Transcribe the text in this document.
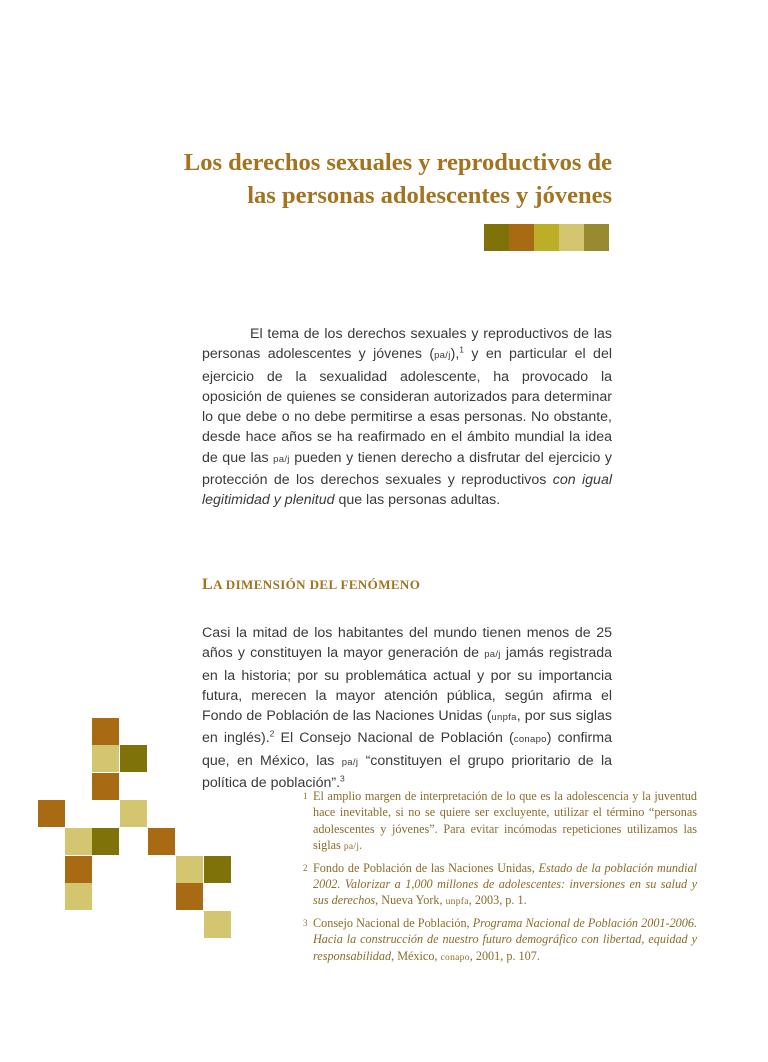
Los derechos sexuales y reproductivos de
las personas adolescentes y jóvenes

El tema de los derechos sexuales y reproductivos de las personas adolescentes y jóvenes (pa/j),$^1$ y en particular el del ejercicio de la sexualidad adolescente, ha provocado la oposición de quienes se consideran autorizados para determinar lo que debe o no debe permitirse a esas personas. No obstante, desde hace años se ha reafirmado en el ámbito mundial la idea de que las pa/j pueden y tienen derecho a disfrutar del ejercicio y protección de los derechos sexuales y reproductivos con igual legitimidad y plenitud que las personas adultas.

LA DIMENSIÓN DEL FENÓMENO

Casi la mitad de los habitantes del mundo tienen menos de 25 años y constituyen la mayor generación de pa/j jamás registrada en la historia; por su problemática actual y por su importancia futura, merecen la mayor atención pública, según afirma el Fondo de Población de las Naciones Unidas (unpfa, por sus siglas en inglés).$^2$ El Consejo Nacional de Población (conapo) confirma que, en México, las pa/j “constituyen el grupo prioritario de la política de población”.$^3$

1 El amplio margen de interpretación de lo que es la adolescencia y la juventud hace inevitable, si no se quiere ser excluyente, utilizar el término “personas adolescentes y jóvenes”. Para evitar incómodas repeticiones utilizamos las siglas pa/j.
2 Fondo de Población de las Naciones Unidas, Estado de la población mundial 2002. Valorizar a 1,000 millones de adolescentes: inversiones en su salud y sus derechos, Nueva York, unpfa, 2003, p. 1.
3 Consejo Nacional de Población, Programa Nacional de Población 2001-2006. Hacia la construcción de nuestro futuro demográfico con libertad, equidad y responsabilidad, México, conapo, 2001, p. 107.
